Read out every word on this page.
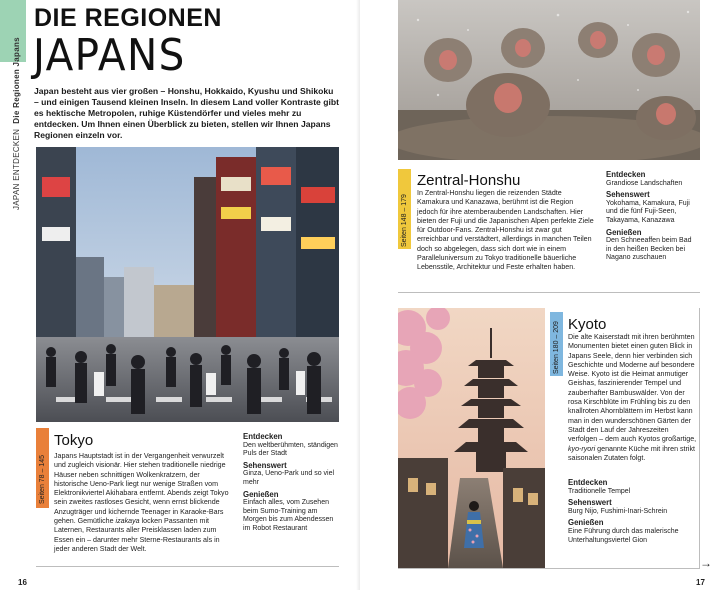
JAPAN ENTDECKEN  Die Regionen Japans
DIE REGIONEN
JAPANS
Japan besteht aus vier großen – Honshu, Hokkaido, Kyushu und Shikoku – und einigen Tausend kleinen Inseln. In diesem Land voller Kontraste gibt es hektische Metropolen, ruhige Küstendörfer und vieles mehr zu entdecken. Um Ihnen einen Überblick zu bieten, stellen wir Ihnen Japans Regionen einzeln vor.
Seiten 78 – 145
Tokyo
Japans Hauptstadt ist in der Vergangenheit verwurzelt und zugleich visionär. Hier stehen traditionelle niedrige Häuser neben schnittigen Wolkenkratzern, der historische Ueno-Park liegt nur wenige Straßen vom Elektronikviertel Akihabara entfernt. Abends zeigt Tokyo sein zweites rastloses Gesicht, wenn ernst blickende Anzugträger und kichernde Teenager in Karaoke-Bars gehen. Gemütliche izakaya locken Passanten mit Laternen, Restaurants aller Preisklassen laden zum Essen ein – darunter mehr Sterne-Restaurants als in jeder anderen Stadt der Welt.
Entdecken
Den weltberühmten, ständigen Puls der Stadt
Sehenswert
Ginza, Ueno-Park und so viel mehr
Genießen
Einfach alles, vom Zusehen beim Sumo-Training am Morgen bis zum Abendessen im Robot Restaurant
16
Seiten 148 – 179
Zentral-Honshu
In Zentral-Honshu liegen die reizenden Städte Kamakura und Kanazawa, berühmt ist die Region jedoch für ihre atemberaubenden Landschaften. Hier bieten der Fuji und die Japanischen Alpen perfekte Ziele für Outdoor-Fans. Zentral-Honshu ist zwar gut erreichbar und verstädtert, allerdings in manchen Teilen doch so abgelegen, dass sich dort wie in einem Paralleluniversum zu Tokyo traditionelle bäuerliche Lebensstile, Architektur und Feste erhalten haben.
Entdecken
Grandiose Landschaften
Sehenswert
Yokohama, Kamakura, Fuji und die fünf Fuji-Seen, Takayama, Kanazawa
Genießen
Den Schneeaffen beim Bad in den heißen Becken bei Nagano zuschauen
Seiten 180 – 209 Kyoto
Die alte Kaiserstadt mit ihren berühmten Monumenten bietet einen guten Blick in Japans Seele, denn hier verbinden sich Geschichte und Moderne auf besondere Weise. Kyoto ist die Heimat anmutiger Geishas, faszinierender Tempel und zauberhafter Bambuswälder. Von der rosa Kirschblüte im Frühling bis zu den knallroten Ahornblättern im Herbst kann man in den wunderschönen Gärten der Stadt den Lauf der Jahreszeiten verfolgen – dem auch Kyotos großartige, kyo-ryori genannte Küche mit ihren strikt saisonalen Zutaten folgt.
Entdecken
Traditionelle Tempel
Sehenswert
Burg Nijo, Fushimi-Inari-Schrein
Genießen
Eine Führung durch das malerische Unterhaltungsviertel Gion
17
→
